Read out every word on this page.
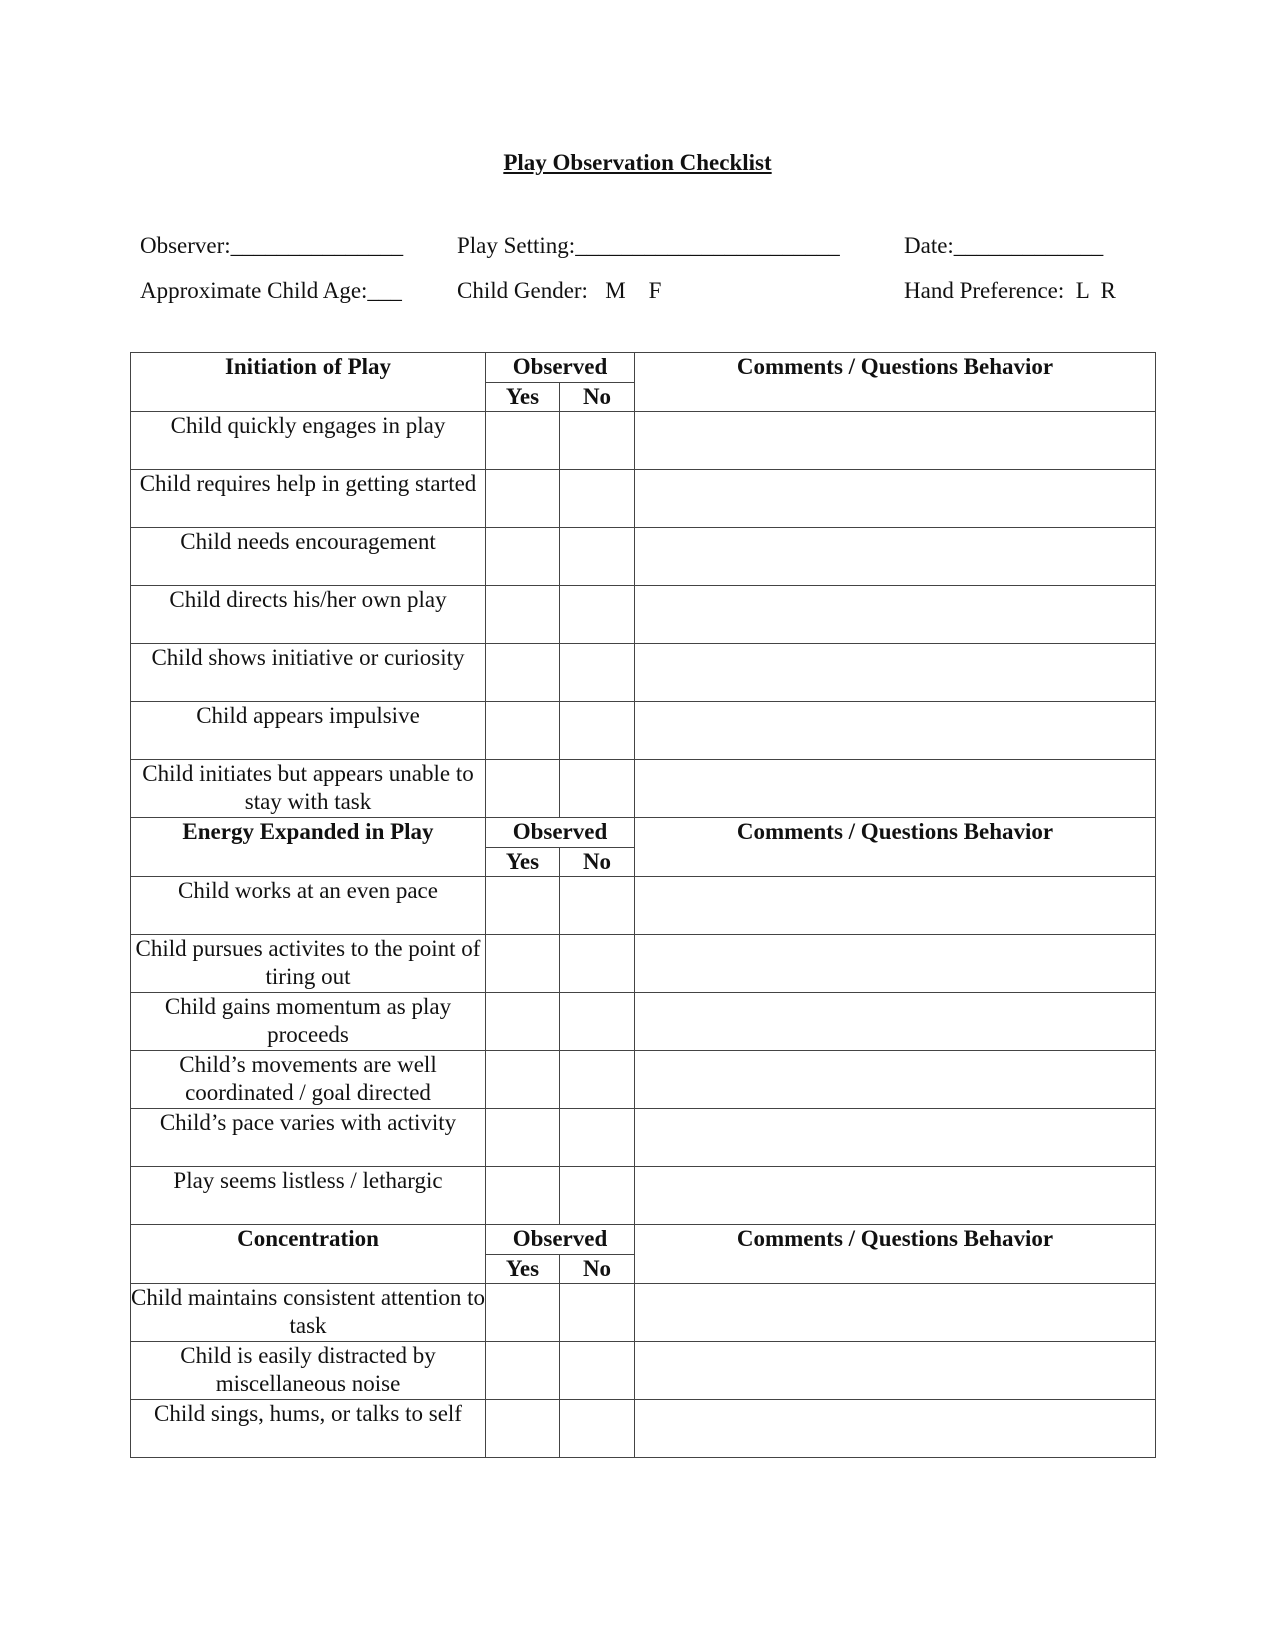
Play Observation Checklist
Observer:_______________ Play Setting:_______________________	Date:_____________
Approximate Child Age:___ Child Gender:   M    F	Hand Preference:  L  R
Initiation of Play	Observed		Comments / Questions Behavior
	Yes	No	
Child quickly engages in play			
Child requires help in getting started			
Child needs encouragement			
Child directs his/her own play			
Child shows initiative or curiosity			
Child appears impulsive			
Child initiates but appears unable to stay with task			
Energy Expanded in Play	Observed		Comments / Questions Behavior
	Yes	No	
Child works at an even pace			
Child pursues activites to the point of tiring out			
Child gains momentum as play proceeds			
Child’s movements are well coordinated / goal directed			
Child’s pace varies with activity			
Play seems listless / lethargic			
Concentration	Observed		Comments / Questions Behavior
	Yes	No	
Child maintains consistent attention to task			
Child is easily distracted by miscellaneous noise			
Child sings, hums, or talks to self			
